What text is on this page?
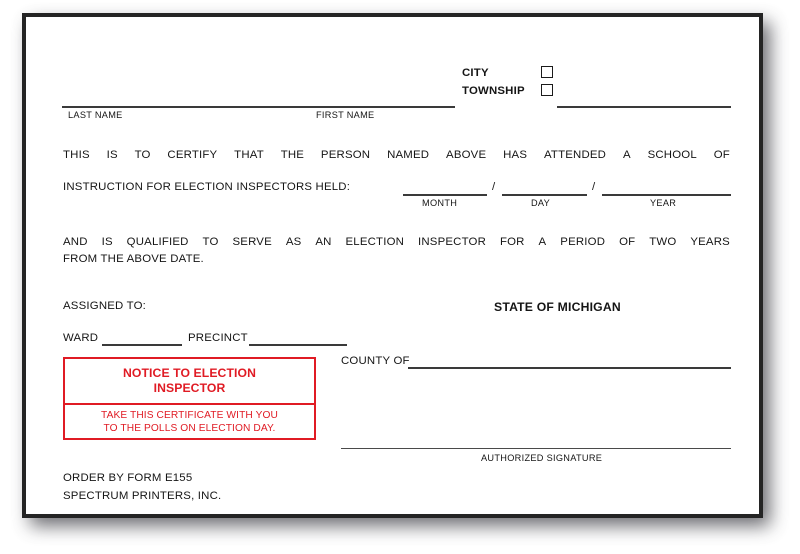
CITY
TOWNSHIP
LAST NAME	FIRST NAME
THIS IS TO CERTIFY THAT THE PERSON NAMED ABOVE HAS ATTENDED A SCHOOL OF
INSTRUCTION FOR ELECTION INSPECTORS HELD:
MONTH
/
DAY
/
YEAR
AND IS QUALIFIED TO SERVE AS AN ELECTION INSPECTOR FOR A PERIOD OF TWO YEARS
FROM THE ABOVE DATE.
ASSIGNED TO:	STATE OF MICHIGAN
WARD	PRECINCT
NOTICE TO ELECTION
INSPECTOR
TAKE THIS CERTIFICATE WITH YOU
TO THE POLLS ON ELECTION DAY.
COUNTY OF
AUTHORIZED SIGNATURE
ORDER BY FORM E155
SPECTRUM PRINTERS, INC.
